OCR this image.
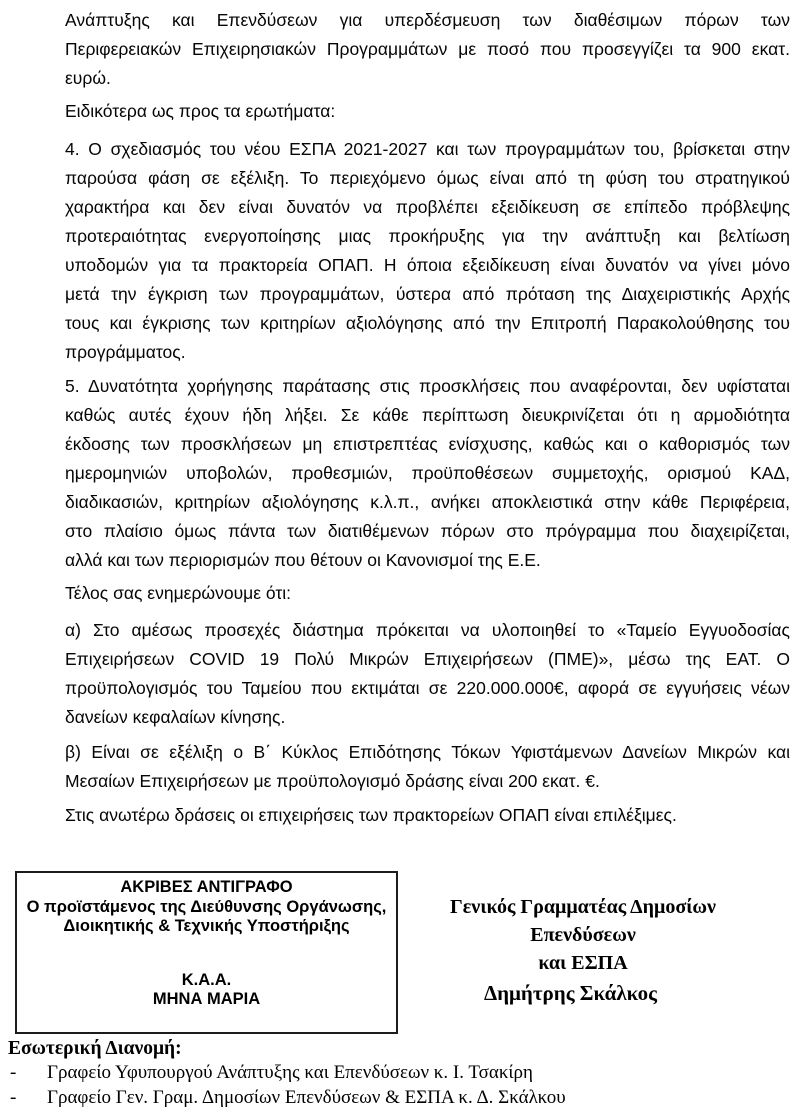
Ανάπτυξης και Επενδύσεων για υπερδέσμευση των διαθέσιμων πόρων των
Περιφερειακών Επιχειρησιακών Προγραμμάτων με ποσό που προσεγγίζει τα 900 εκατ.
ευρώ.
Ειδικότερα ως προς τα ερωτήματα:
4. Ο σχεδιασμός του νέου ΕΣΠΑ 2021-2027 και των προγραμμάτων του, βρίσκεται στην
παρούσα φάση σε εξέλιξη. Το περιεχόμενο όμως είναι από τη φύση του στρατηγικού
χαρακτήρα και δεν είναι δυνατόν να προβλέπει εξειδίκευση σε επίπεδο πρόβλεψης
προτεραιότητας ενεργοποίησης μιας προκήρυξης για την ανάπτυξη και βελτίωση
υποδομών για τα πρακτορεία ΟΠΑΠ. Η όποια εξειδίκευση είναι δυνατόν να γίνει μόνο
μετά την έγκριση των προγραμμάτων, ύστερα από πρόταση της Διαχειριστικής Αρχής
τους και έγκρισης των κριτηρίων αξιολόγησης από την Επιτροπή Παρακολούθησης του
προγράμματος.
5. Δυνατότητα χορήγησης παράτασης στις προσκλήσεις που αναφέρονται, δεν υφίσταται
καθώς αυτές έχουν ήδη λήξει. Σε κάθε περίπτωση διευκρινίζεται ότι η αρμοδιότητα
έκδοσης των προσκλήσεων μη επιστρεπτέας ενίσχυσης, καθώς και ο καθορισμός των
ημερομηνιών υποβολών, προθεσμιών, προϋποθέσεων συμμετοχής, ορισμού ΚΑΔ,
διαδικασιών, κριτηρίων αξιολόγησης κ.λ.π., ανήκει αποκλειστικά στην κάθε Περιφέρεια,
στο πλαίσιο όμως πάντα των διατιθέμενων πόρων στο πρόγραμμα που διαχειρίζεται,
αλλά και των περιορισμών που θέτουν οι Κανονισμοί της Ε.Ε.
Τέλος σας ενημερώνουμε ότι:
α) Στο αμέσως προσεχές διάστημα πρόκειται να υλοποιηθεί το «Ταμείο Εγγυοδοσίας
Επιχειρήσεων COVID 19 Πολύ Μικρών Επιχειρήσεων (ΠΜΕ)», μέσω της ΕΑΤ. Ο
προϋπολογισμός του Ταμείου που εκτιμάται σε 220.000.000€, αφορά σε εγγυήσεις νέων
δανείων κεφαλαίων κίνησης.
β) Είναι σε εξέλιξη ο Β΄ Κύκλος Επιδότησης Τόκων Υφιστάμενων Δανείων Μικρών και
Μεσαίων Επιχειρήσεων με προϋπολογισμό δράσης είναι 200 εκατ. €.
Στις ανωτέρω δράσεις οι επιχειρήσεις των πρακτορείων ΟΠΑΠ είναι επιλέξιμες.
ΑΚΡΙΒΕΣ ΑΝΤΙΓΡΑΦΟ
Ο προϊστάμενος της Διεύθυνσης Οργάνωσης,
Διοικητικής & Τεχνικής Υποστήριξης
Κ.Α.Α.
ΜΗΝΑ ΜΑΡΙΑ
Γενικός Γραμματέας Δημοσίων Επενδύσεων
και ΕΣΠΑ
Δημήτρης Σκάλκος
Εσωτερική Διανομή:
- Γραφείο Υφυπουργού Ανάπτυξης και Επενδύσεων κ. Ι. Τσακίρη
- Γραφείο Γεν. Γραμ. Δημοσίων Επενδύσεων & ΕΣΠΑ κ. Δ. Σκάλκου
